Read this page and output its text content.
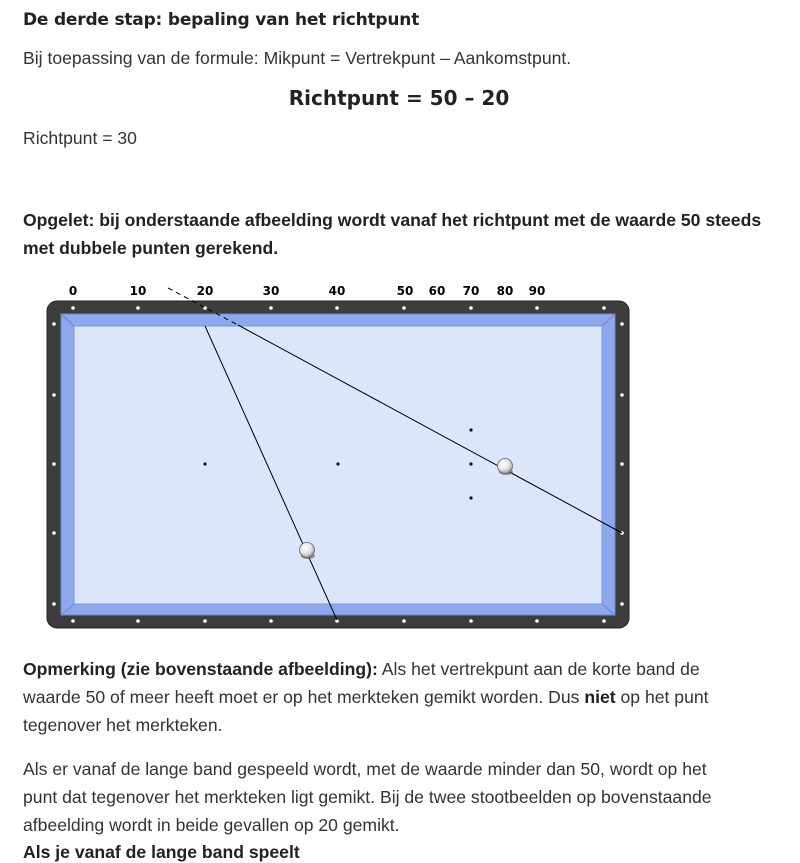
De derde stap: bepaling van het richtpunt

Bij toepassing van de formule: Mikpunt = Vertrekpunt – Aankomstpunt.

Richtpunt = 50 – 20

Richtpunt = 30

Opgelet: bij onderstaande afbeelding wordt vanaf het richtpunt met de waarde 50 steeds met dubbele punten gerekend.

0	10	20	30	40	50 60 70 80 90

Opmerking (zie bovenstaande afbeelding): Als het vertrekpunt aan de korte band de

waarde 50 of meer heeft moet er op het merkteken gemikt worden. Dus niet op het punt

tegenover het merkteken.

Als er vanaf de lange band gespeeld wordt, met de waarde minder dan 50, wordt op het

punt dat tegenover het merkteken ligt gemikt. Bij de twee stootbeelden op bovenstaande

afbeelding wordt in beide gevallen op 20 gemikt.

Als je vanaf de lange band speelt
